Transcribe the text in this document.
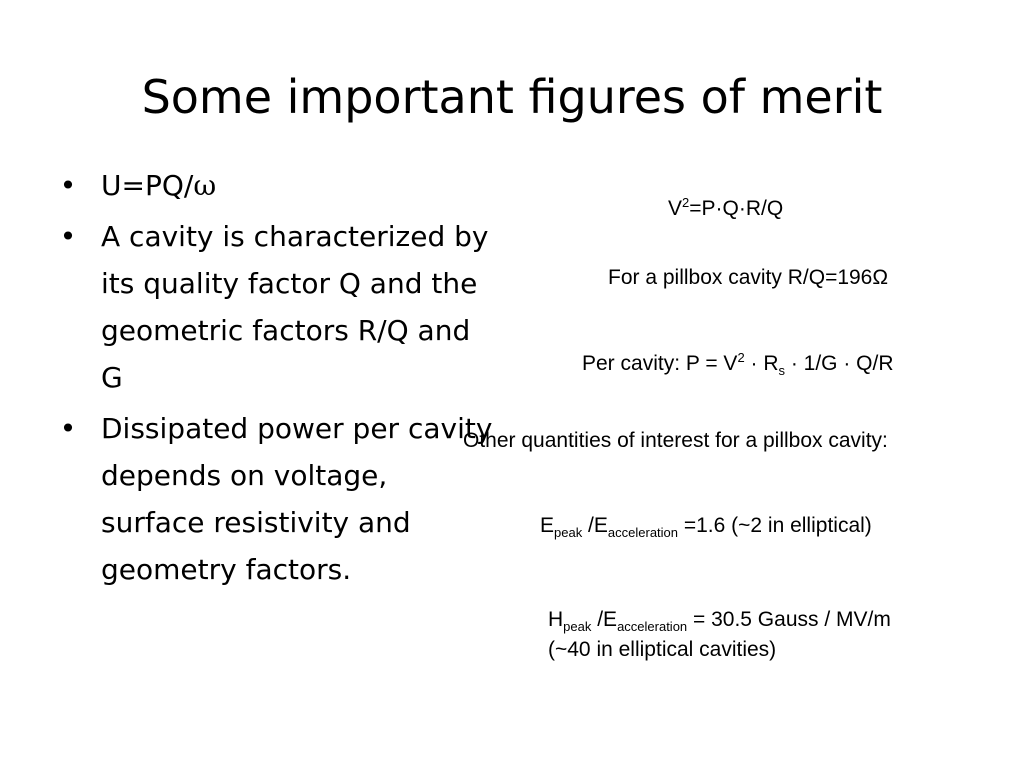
Some important figures of merit
• U=PQ/ω
• A cavity is characterized by its quality factor Q and the geometric factors R/Q and G
• Dissipated power per cavity depends on voltage, surface resistivity and geometry factors.
$V^2=P\cdot Q\cdot R/Q$
For a pillbox cavity R/Q=196Ω
Per cavity: $P = V^2 \cdot R_s \cdot 1/G \cdot Q/R$
Other quantities of interest for a pillbox cavity:
$E_{peak}$ $/E_{acceleration} =1.6$ (~2 in elliptical)
$H_{peak}$ $/E_{acceleration} = 30.5$ Gauss / MV/m
(~40 in elliptical cavities)
